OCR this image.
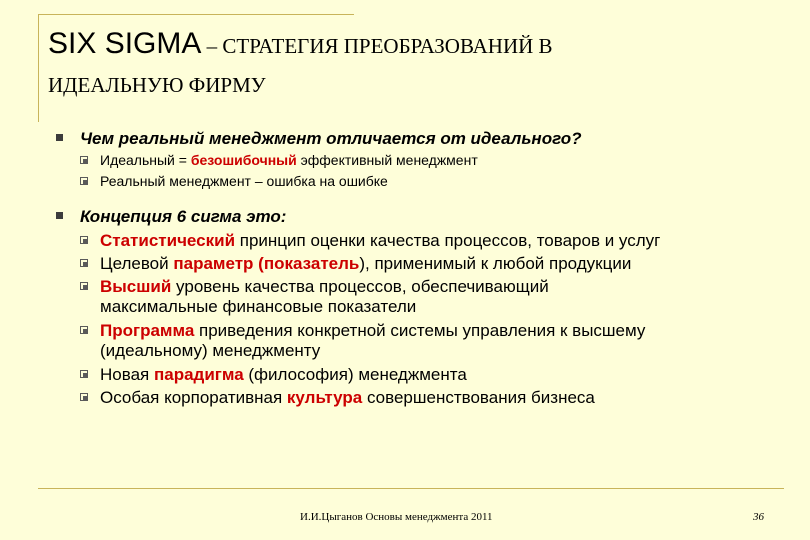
SIX SIGMA – СТРАТЕГИЯ ПРЕОБРАЗОВАНИЙ В
ИДЕАЛЬНУЮ ФИРМУ
Чем реальный менеджмент отличается от идеального?
Идеальный = безошибочный эффективный менеджмент
Реальный менеджмент – ошибка на ошибке
Концепция 6 сигма это:
Статистический принцип оценки качества процессов, товаров и услуг
Целевой параметр (показатель), применимый к любой продукции
Высший уровень качества процессов, обеспечивающий
максимальные финансовые показатели
Программа приведения конкретной системы управления к высшему
(идеальному) менеджменту
Новая парадигма (философия) менеджмента
Особая корпоративная культура совершенствования бизнеса
И.И.Цыганов Основы менеджмента 2011	36
